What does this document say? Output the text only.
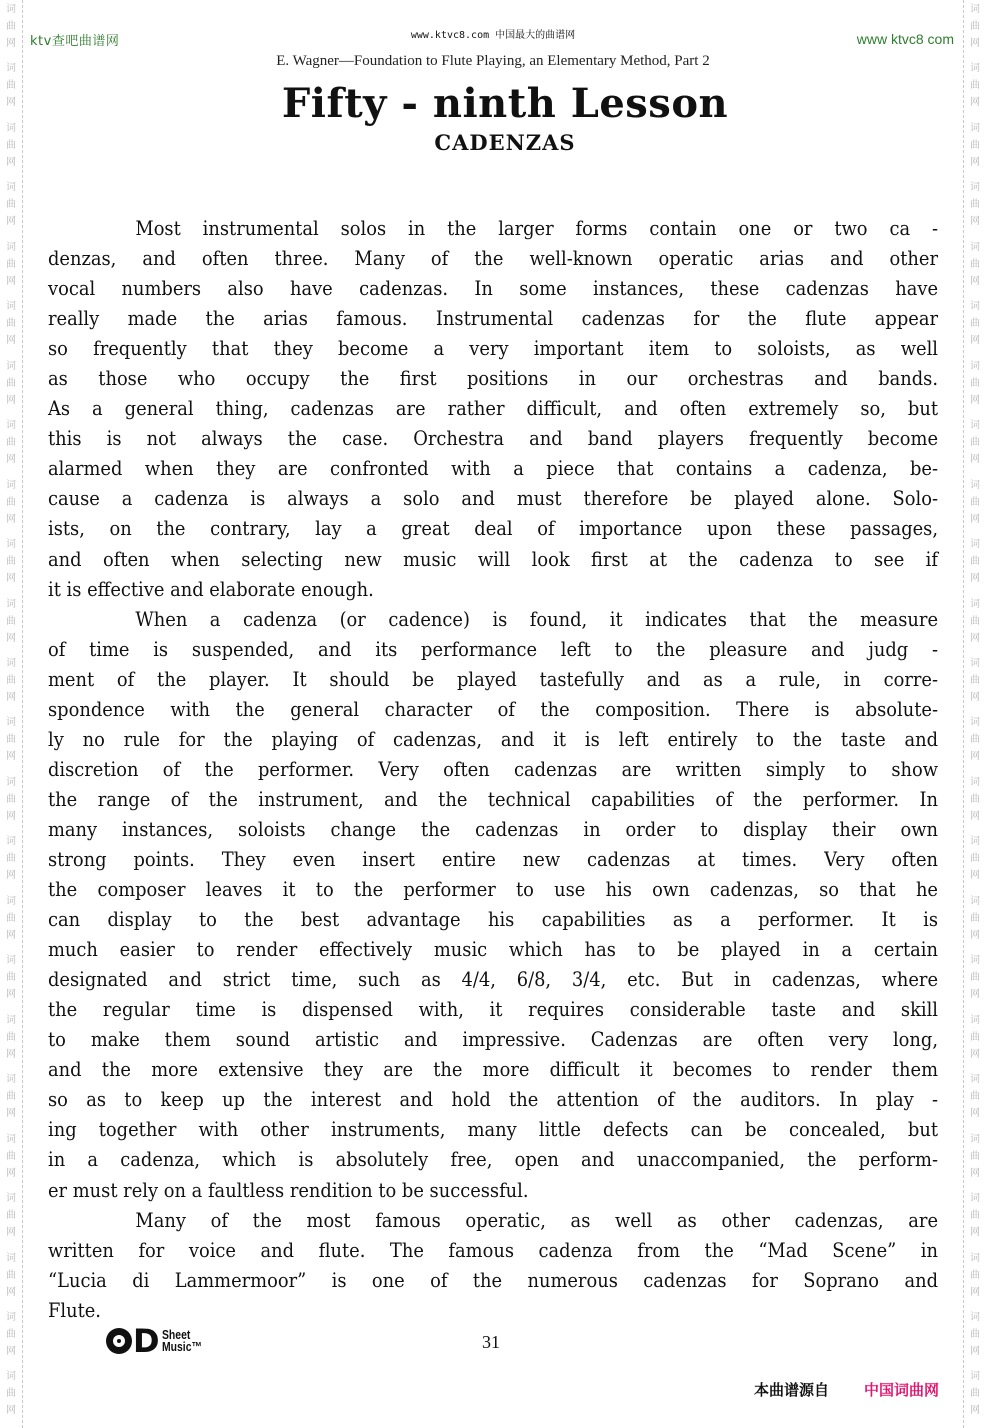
词
曲
网
词
曲
网
词
曲
网
词
曲
网
词
曲
网
词
曲
网
词
曲
网
词
曲
网
词
曲
网
词
曲
网
词
曲
网
词
曲
网
词
曲
网
词
曲
网
词
曲
网
词
曲
网
词
曲
网
词
曲
网
词
曲
网
词
曲
网
词
曲
网
词
曲
网
词
曲
网
词
曲
网
词
曲
网
词
曲
网
词
曲
网
词
曲
网
词
曲
网
词
曲
网
词
曲
网
词
曲
网
词
曲
网
词
曲
网
词
曲
网
词
曲
网
词
曲
网
词
曲
网
词
曲
网
词
曲
网
词
曲
网
词
曲
网
词
曲
网
词
曲
网
词
曲
网
词
曲
网
词
曲
网
词
曲
网
ktv查吧曲谱网	www.ktvc8.com 中国最大的曲谱网	www ktvc8 com
E. Wagner—Foundation to Flute Playing, an Elementary Method, Part 2
Fifty - ninth Lesson
CADENZAS
Most instrumental solos in the larger forms contain one or two ca -
denzas, and often three. Many of the well-known operatic arias and other
vocal numbers also have cadenzas. In some instances, these cadenzas have
really made the arias famous. Instrumental cadenzas for the flute appear
so frequently that they become a very important item to soloists, as well
as those who occupy the first positions in our orchestras and bands.
As a general thing, cadenzas are rather difficult, and often extremely so, but
this is not always the case. Orchestra and band players frequently become
alarmed when they are confronted with a piece that contains a cadenza, be-
cause a cadenza is always a solo and must therefore be played alone. Solo-
ists, on the contrary, lay a great deal of importance upon these passages,
and often when selecting new music will look first at the cadenza to see if
it is effective and elaborate enough.
When a cadenza (or cadence) is found, it indicates that the measure
of time is suspended, and its performance left to the pleasure and judg -
ment of the player. It should be played tastefully and as a rule, in corre-
spondence with the general character of the composition. There is absolute-
ly no rule for the playing of cadenzas, and it is left entirely to the taste and
discretion of the performer. Very often cadenzas are written simply to show
the range of the instrument, and the technical capabilities of the performer. In
many instances, soloists change the cadenzas in order to display their own
strong points. They even insert entire new cadenzas at times. Very often
the composer leaves it to the performer to use his own cadenzas, so that he
can display to the best advantage his capabilities as a performer. It is
much easier to render effectively music which has to be played in a certain
designated and strict time, such as 4/4, 6/8, 3/4, etc. But in cadenzas, where
the regular time is dispensed with, it requires considerable taste and skill
to make them sound artistic and impressive. Cadenzas are often very long,
and the more extensive they are the more difficult it becomes to render them
so as to keep up the interest and hold the attention of the auditors. In play -
ing together with other instruments, many little defects can be concealed, but
in a cadenza, which is absolutely free, open and unaccompanied, the perform-
er must rely on a faultless rendition to be successful.
Many of the most famous operatic, as well as other cadenzas, are
written for voice and flute. The famous cadenza from the “Mad Scene” in
“Lucia di Lammermoor” is one of the numerous cadenzas for Soprano and
Flute.
D Sheet
Music™	31
本曲谱源自 中国词曲网
